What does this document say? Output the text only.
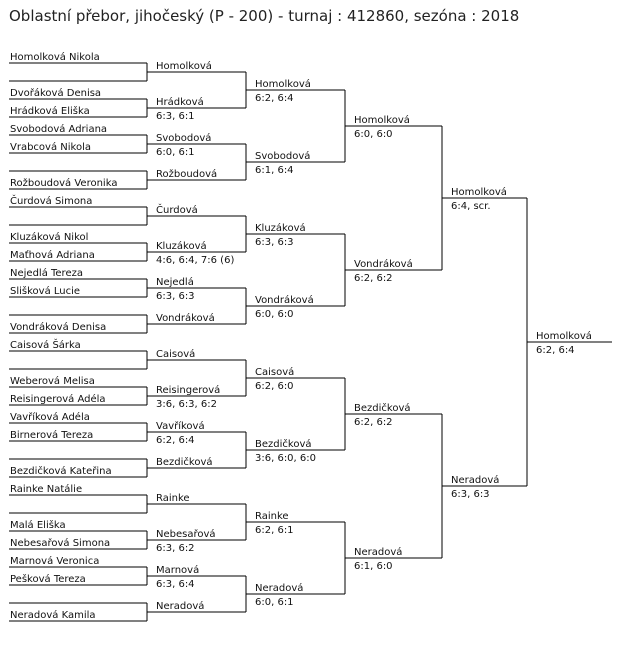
Oblastní přebor, jihočeský (P - 200) - turnaj : 412860, sezóna : 2018
Homolková Nikola
Dvořáková Denisa
Hrádková Eliška
Svobodová Adriana
Vrabcová Nikola
Rožboudová Veronika
Čurdová Simona
Kluzáková Nikol
Maťhová Adriana
Nejedlá Tereza
Slišková Lucie
Vondráková Denisa
Caisová Šárka
Weberová Melisa
Reisingerová Adéla
Vavříková Adéla
Birnerová Tereza
Bezdičková Kateřina
Rainke Natálie
Malá Eliška
Nebesařová Simona
Marnová Veronica
Pešková Tereza
Neradová Kamila
Homolková
Hrádková
6:3, 6:1
Svobodová
6:0, 6:1
Rožboudová
Čurdová
Kluzáková
4:6, 6:4, 7:6 (6)
Nejedlá
6:3, 6:3
Vondráková
Caisová
Reisingerová
3:6, 6:3, 6:2
Vavříková
6:2, 6:4
Bezdičková
Rainke
Nebesařová
6:3, 6:2
Marnová
6:3, 6:4
Neradová
Homolková
6:2, 6:4
Svobodová
6:1, 6:4
Kluzáková
6:3, 6:3
Vondráková
6:0, 6:0
Caisová
6:2, 6:0
Bezdičková
3:6, 6:0, 6:0
Rainke
6:2, 6:1
Neradová
6:0, 6:1
Homolková
6:0, 6:0
Vondráková
6:2, 6:2
Bezdičková
6:2, 6:2
Neradová
6:1, 6:0
Homolková
6:4, scr.
Neradová
6:3, 6:3
Homolková
6:2, 6:4
